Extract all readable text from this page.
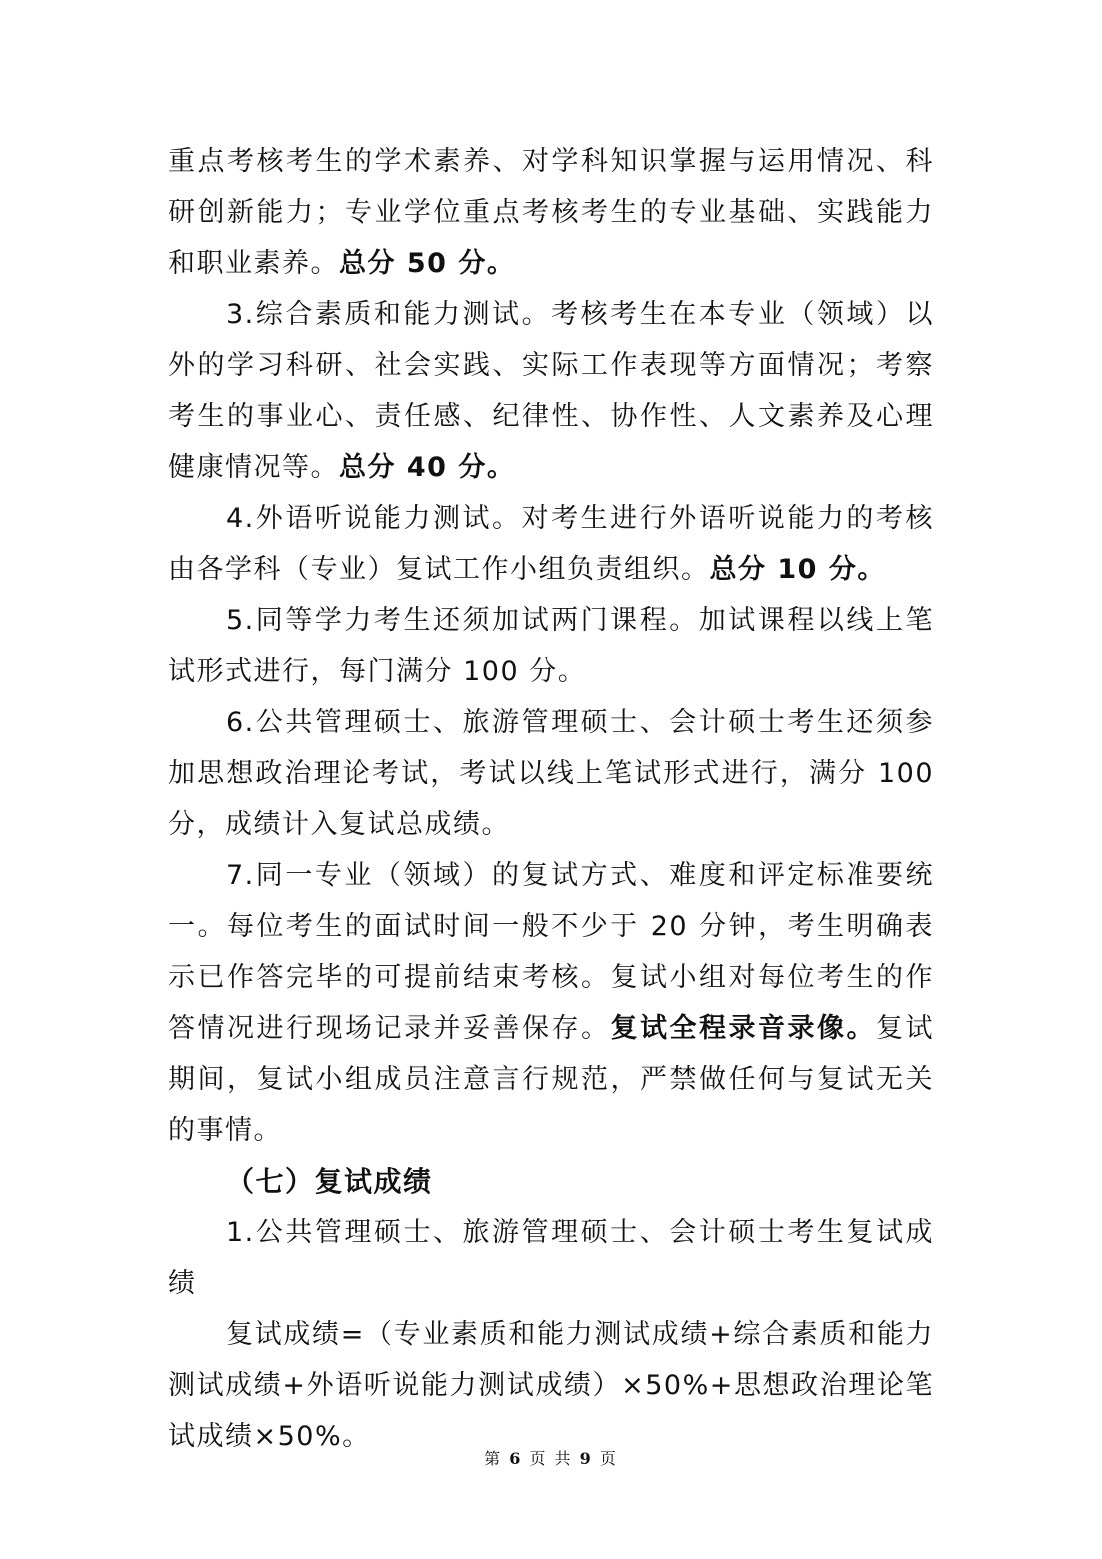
重点考核考生的学术素养、对学科知识掌握与运用情况、科研创新能力；专业学位重点考核考生的专业基础、实践能力和职业素养。总分 50 分。

3.综合素质和能力测试。考核考生在本专业（领域）以外的学习科研、社会实践、实际工作表现等方面情况；考察考生的事业心、责任感、纪律性、协作性、人文素养及心理健康情况等。总分 40 分。

4.外语听说能力测试。对考生进行外语听说能力的考核由各学科（专业）复试工作小组负责组织。总分 10 分。

5.同等学力考生还须加试两门课程。加试课程以线上笔试形式进行，每门满分 100 分。

6.公共管理硕士、旅游管理硕士、会计硕士考生还须参加思想政治理论考试，考试以线上笔试形式进行，满分 100 分，成绩计入复试总成绩。

7.同一专业（领域）的复试方式、难度和评定标准要统一。每位考生的面试时间一般不少于 20 分钟，考生明确表示已作答完毕的可提前结束考核。复试小组对每位考生的作答情况进行现场记录并妥善保存。复试全程录音录像。复试期间，复试小组成员注意言行规范，严禁做任何与复试无关的事情。

（七）复试成绩

1.公共管理硕士、旅游管理硕士、会计硕士考生复试成绩

复试成绩=（专业素质和能力测试成绩+综合素质和能力测试成绩+外语听说能力测试成绩）×50%+思想政治理论笔试成绩×50%。

第 6 页 共 9 页
